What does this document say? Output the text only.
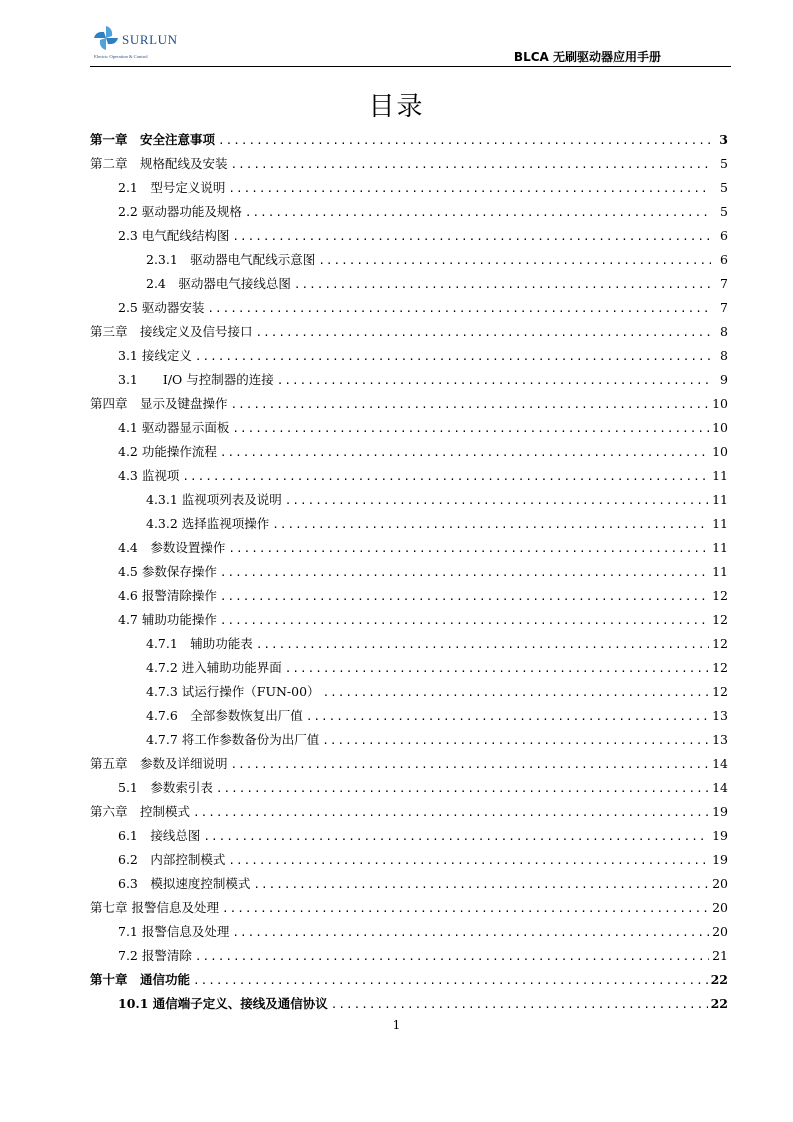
SURLUN
Electric Operation & Control	BLCA 无刷驱动器应用手册
目录
第一章　安全注意事项 .....	3
第二章　规格配线及安装 .....	5
2.1　型号定义说明 .....	5
2.2 驱动器功能及规格 .....	5
2.3 电气配线结构图 .....	6
2.3.1　驱动器电气配线示意图 .....	6
2.4　驱动器电气接线总图 .....	7
2.5 驱动器安装 .....	7
第三章　接线定义及信号接口 .....	8
3.1 接线定义 .....	8
3.1　　I/O 与控制器的连接 .....	9
第四章　显示及键盘操作 .....	10
4.1 驱动器显示面板 .....	10
4.2 功能操作流程 .....	10
4.3 监视项 .....	11
4.3.1 监视项列表及说明 .....	11
4.3.2 选择监视项操作 .....	11
4.4　参数设置操作 .....	11
4.5 参数保存操作 .....	11
4.6 报警清除操作 .....	12
4.7 辅助功能操作 .....	12
4.7.1　辅助功能表 .....	12
4.7.2 进入辅助功能界面 .....	12
4.7.3 试运行操作（FUN-00） .....	12
4.7.6　全部参数恢复出厂值 .....	13
4.7.7 将工作参数备份为出厂值 .....	13
第五章　参数及详细说明 .....	14
5.1　参数索引表 .....	14
第六章　控制模式 .....	19
6.1　接线总图 .....	19
6.2　内部控制模式 .....	19
6.3　模拟速度控制模式 .....	20
第七章 报警信息及处理 .....	20
7.1 报警信息及处理 .....	20
7.2 报警清除 .....	21
第十章　通信功能 .....	22
10.1 通信端子定义、接线及通信协议 .....	22
1
